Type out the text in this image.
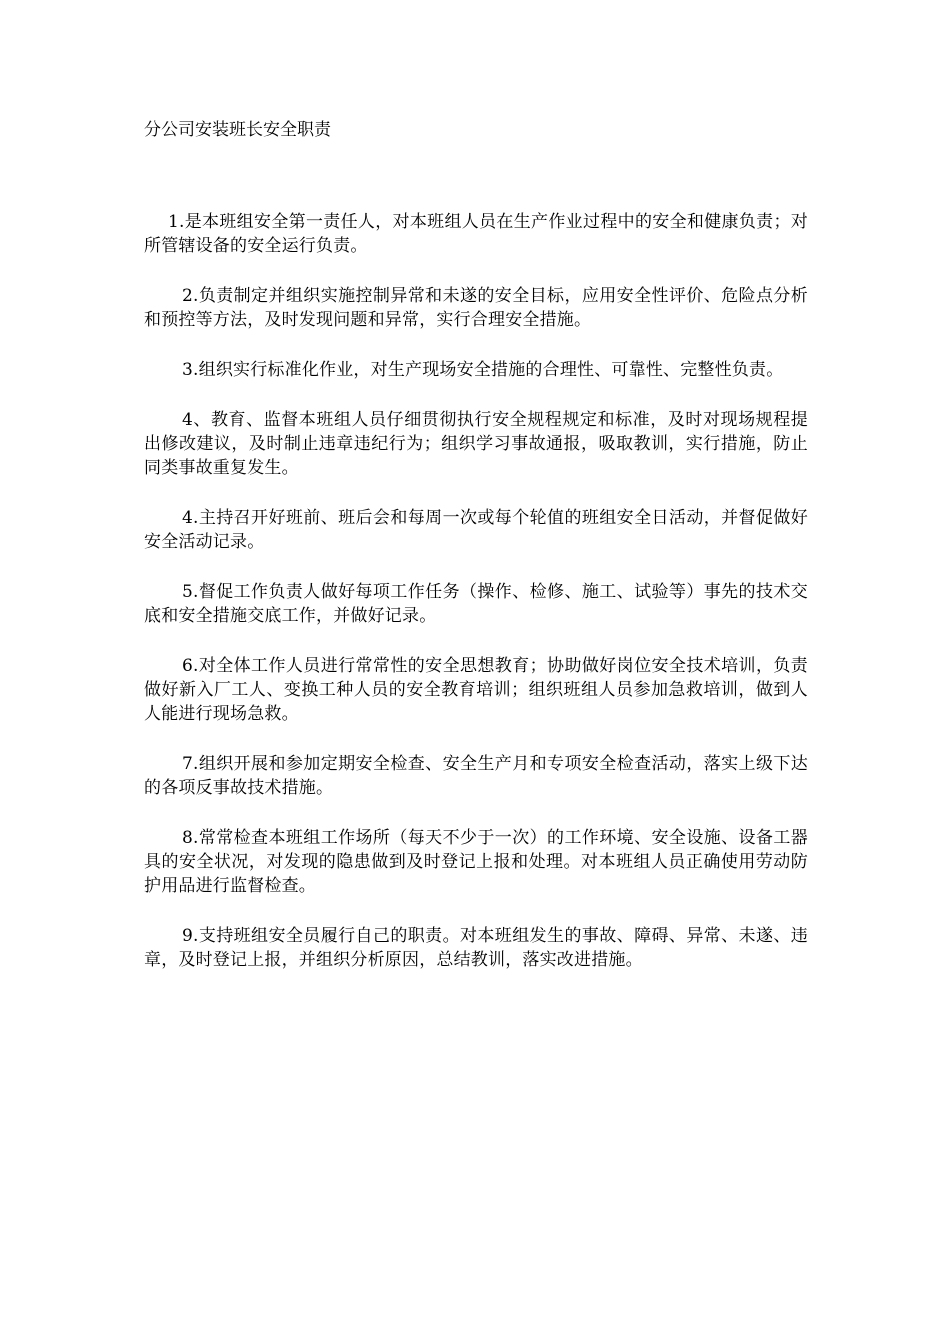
分公司安装班长安全职责

1.是本班组安全第一责任人，对本班组人员在生产作业过程中的安全和健康负责；对所管辖设备的安全运行负责。

2.负责制定并组织实施控制异常和未遂的安全目标，应用安全性评价、危险点分析和预控等方法，及时发现问题和异常，实行合理安全措施。

3.组织实行标准化作业，对生产现场安全措施的合理性、可靠性、完整性负责。

4、教育、监督本班组人员仔细贯彻执行安全规程规定和标准，及时对现场规程提出修改建议，及时制止违章违纪行为；组织学习事故通报，吸取教训，实行措施，防止同类事故重复发生。

4.主持召开好班前、班后会和每周一次或每个轮值的班组安全日活动，并督促做好安全活动记录。

5.督促工作负责人做好每项工作任务（操作、检修、施工、试验等）事先的技术交底和安全措施交底工作，并做好记录。

6.对全体工作人员进行常常性的安全思想教育；协助做好岗位安全技术培训，负责做好新入厂工人、变换工种人员的安全教育培训；组织班组人员参加急救培训，做到人人能进行现场急救。

7.组织开展和参加定期安全检查、安全生产月和专项安全检查活动，落实上级下达的各项反事故技术措施。

8.常常检查本班组工作场所（每天不少于一次）的工作环境、安全设施、设备工器具的安全状况，对发现的隐患做到及时登记上报和处理。对本班组人员正确使用劳动防护用品进行监督检查。

9.支持班组安全员履行自己的职责。对本班组发生的事故、障碍、异常、未遂、违章，及时登记上报，并组织分析原因，总结教训，落实改进措施。
